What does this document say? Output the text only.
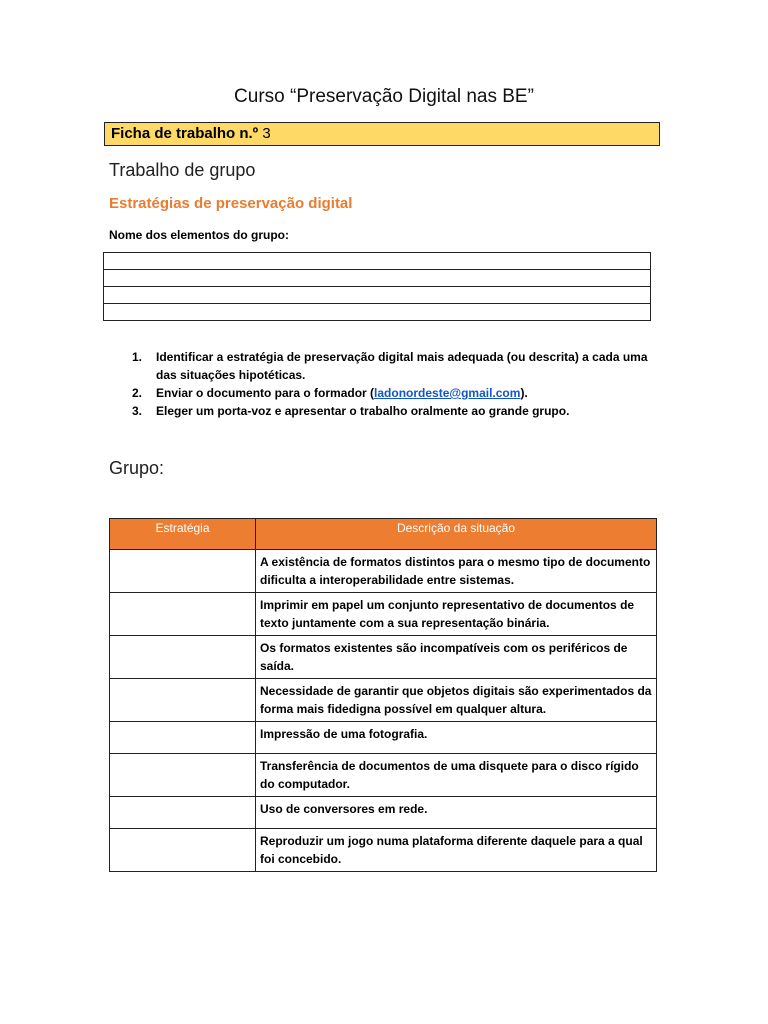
Curso “Preservação Digital nas BE”
Ficha de trabalho n.º 3
Trabalho de grupo
Estratégias de preservação digital
Nome dos elementos do grupo:

1. Identificar a estratégia de preservação digital mais adequada (ou descrita) a cada uma das situações hipotéticas.
2. Enviar o documento para o formador (ladonordeste@gmail.com).
3. Eleger um porta-voz e apresentar o trabalho oralmente ao grande grupo.
Grupo:
Estratégia	Descrição da situação
	A existência de formatos distintos para o mesmo tipo de documento dificulta a interoperabilidade entre sistemas.
	Imprimir em papel um conjunto representativo de documentos de texto juntamente com a sua representação binária.
	Os formatos existentes são incompatíveis com os periféricos de saída.
	Necessidade de garantir que objetos digitais são experimentados da forma mais fidedigna possível em qualquer altura.
	Impressão de uma fotografia.
	Transferência de documentos de uma disquete para o disco rígido do computador.
	Uso de conversores em rede.
	Reproduzir um jogo numa plataforma diferente daquele para a qual foi concebido.
